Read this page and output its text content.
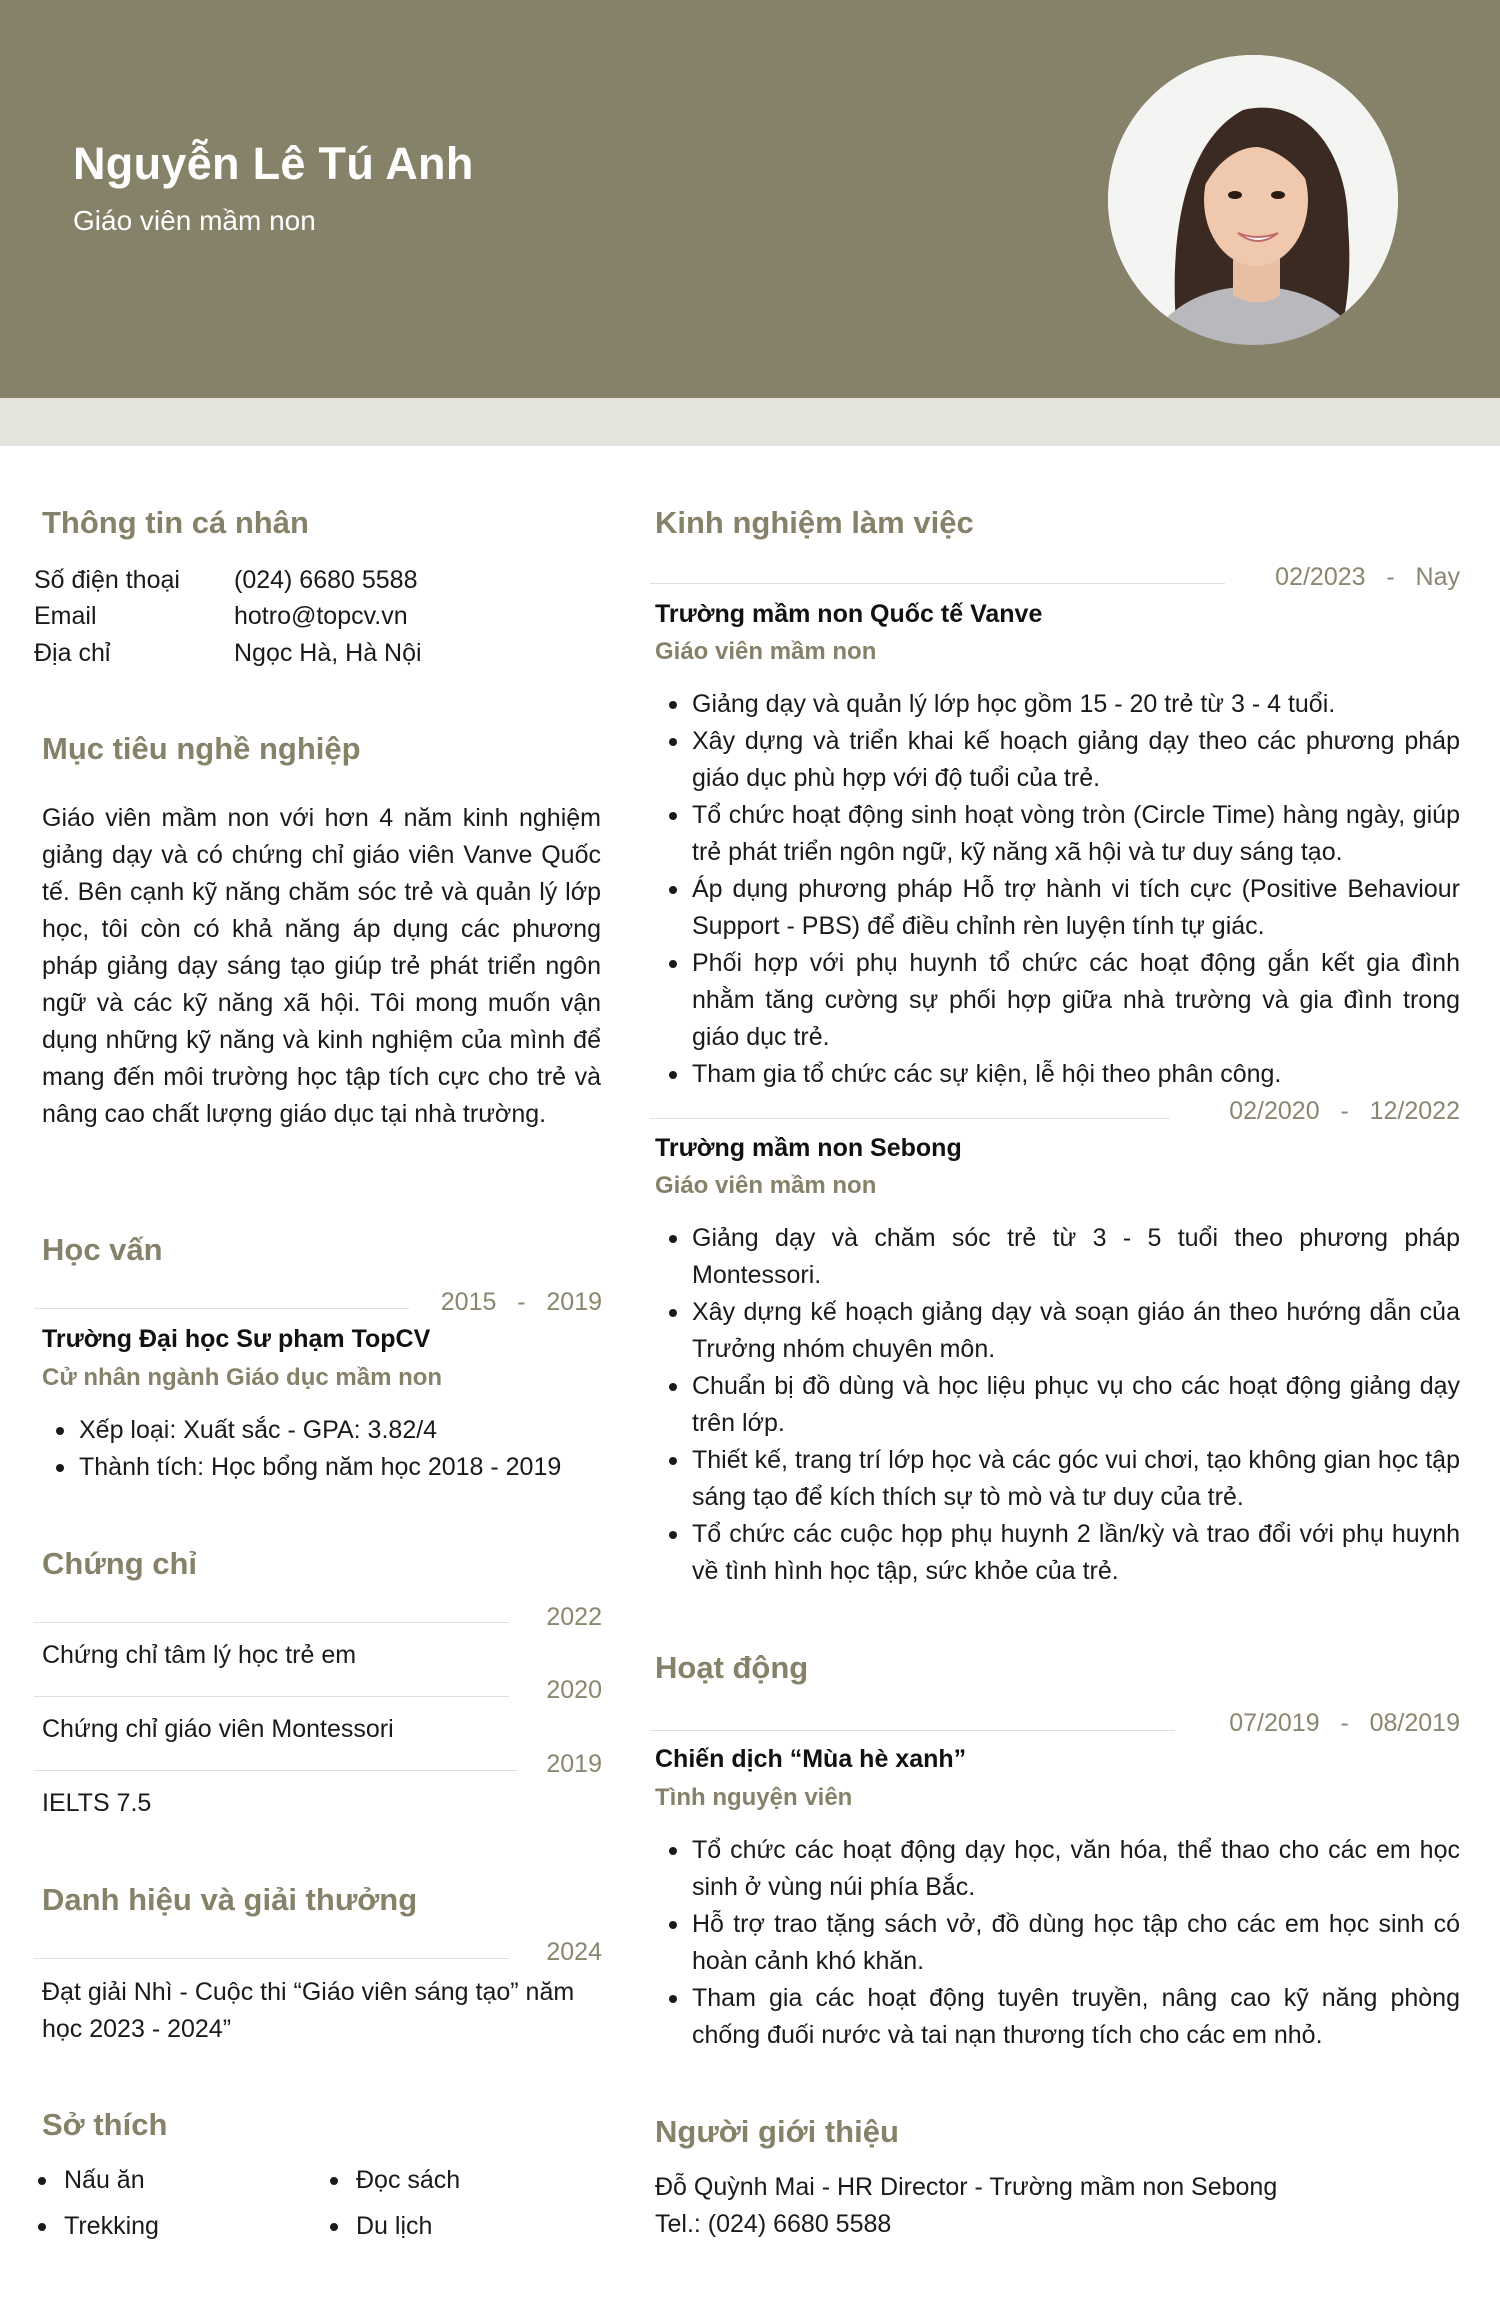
Nguyễn Lê Tú Anh
Giáo viên mầm non
Thông tin cá nhân
Số điện thoại (024) 6680 5588
Email	hotro@topcv.vn
Địa chỉ	Ngọc Hà, Hà Nội
Mục tiêu nghề nghiệp
Giáo viên mầm non với hơn 4 năm kinh nghiệm giảng dạy và có chứng chỉ giáo viên Vanve Quốc tế. Bên cạnh kỹ năng chăm sóc trẻ và quản lý lớp học, tôi còn có khả năng áp dụng các phương pháp giảng dạy sáng tạo giúp trẻ phát triển ngôn ngữ và các kỹ năng xã hội. Tôi mong muốn vận dụng những kỹ năng và kinh nghiệm của mình để mang đến môi trường học tập tích cực cho trẻ và nâng cao chất lượng giáo dục tại nhà trường.
Học vấn
2015   -   2019
Trường Đại học Sư phạm TopCV
Cử nhân ngành Giáo dục mầm non
Xếp loại: Xuất sắc - GPA: 3.82/4
Thành tích: Học bổng năm học 2018 - 2019
Chứng chỉ
2022
Chứng chỉ tâm lý học trẻ em
2020
Chứng chỉ giáo viên Montessori
2019
IELTS 7.5
Danh hiệu và giải thưởng
2024
Đạt giải Nhì - Cuộc thi “Giáo viên sáng tạo” năm học 2023 - 2024”
Sở thích
Nấu ăn	Đọc sách
Trekking	Du lịch
Kinh nghiệm làm việc
02/2023   -   Nay
Trường mầm non Quốc tế Vanve
Giáo viên mầm non
Giảng dạy và quản lý lớp học gồm 15 - 20 trẻ từ 3 - 4 tuổi.
Xây dựng và triển khai kế hoạch giảng dạy theo các phương pháp giáo dục phù hợp với độ tuổi của trẻ.
Tổ chức hoạt động sinh hoạt vòng tròn (Circle Time) hàng ngày, giúp trẻ phát triển ngôn ngữ, kỹ năng xã hội và tư duy sáng tạo.
Áp dụng phương pháp Hỗ trợ hành vi tích cực (Positive Behaviour Support - PBS) để điều chỉnh rèn luyện tính tự giác.
Phối hợp với phụ huynh tổ chức các hoạt động gắn kết gia đình nhằm tăng cường sự phối hợp giữa nhà trường và gia đình trong giáo dục trẻ.
Tham gia tổ chức các sự kiện, lễ hội theo phân công.
02/2020   -   12/2022
Trường mầm non Sebong
Giáo viên mầm non
Giảng dạy và chăm sóc trẻ từ 3 - 5 tuổi theo phương pháp Montessori.
Xây dựng kế hoạch giảng dạy và soạn giáo án theo hướng dẫn của Trưởng nhóm chuyên môn.
Chuẩn bị đồ dùng và học liệu phục vụ cho các hoạt động giảng dạy trên lớp.
Thiết kế, trang trí lớp học và các góc vui chơi, tạo không gian học tập sáng tạo để kích thích sự tò mò và tư duy của trẻ.
Tổ chức các cuộc họp phụ huynh 2 lần/kỳ và trao đổi với phụ huynh về tình hình học tập, sức khỏe của trẻ.
Hoạt động
07/2019   -   08/2019
Chiến dịch “Mùa hè xanh”
Tình nguyện viên
Tổ chức các hoạt động dạy học, văn hóa, thể thao cho các em học sinh ở vùng núi phía Bắc.
Hỗ trợ trao tặng sách vở, đồ dùng học tập cho các em học sinh có hoàn cảnh khó khăn.
Tham gia các hoạt động tuyên truyền, nâng cao kỹ năng phòng chống đuối nước và tai nạn thương tích cho các em nhỏ.
Người giới thiệu
Đỗ Quỳnh Mai - HR Director - Trường mầm non Sebong
Tel.: (024) 6680 5588
